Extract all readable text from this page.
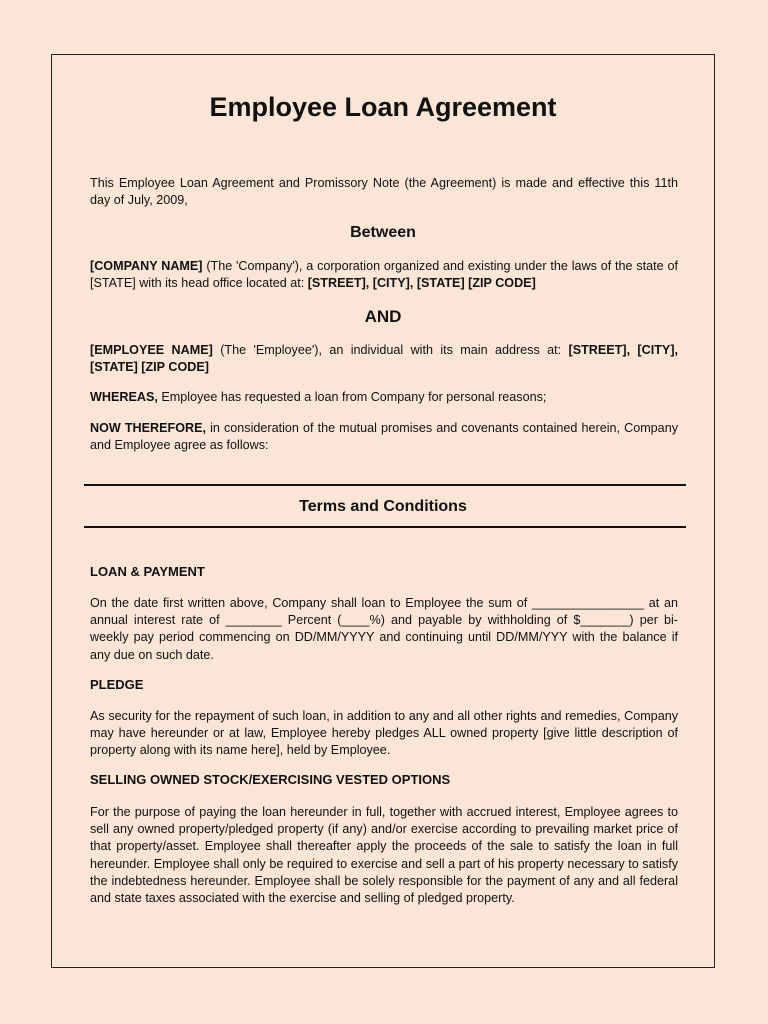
Employee Loan Agreement

This Employee Loan Agreement and Promissory Note (the Agreement) is made and effective this 11th day of July, 2009,

Between

[COMPANY NAME] (The 'Company'), a corporation organized and existing under the laws of the state of [STATE] with its head office located at: [STREET], [CITY], [STATE] [ZIP CODE]

AND

[EMPLOYEE NAME] (The 'Employee'), an individual with its main address at: [STREET], [CITY], [STATE] [ZIP CODE]

WHEREAS, Employee has requested a loan from Company for personal reasons;

NOW THEREFORE, in consideration of the mutual promises and covenants contained herein, Company and Employee agree as follows:

Terms and Conditions
LOAN & PAYMENT

On the date first written above, Company shall loan to Employee the sum of ________________ at an annual interest rate of ________ Percent (____%) and payable by withholding of $_______) per bi-weekly pay period commencing on DD/MM/YYYY and continuing until DD/MM/YYY with the balance if any due on such date.

PLEDGE

As security for the repayment of such loan, in addition to any and all other rights and remedies, Company may have hereunder or at law, Employee hereby pledges ALL owned property [give little description of property along with its name here], held by Employee.

SELLING OWNED STOCK/EXERCISING VESTED OPTIONS

For the purpose of paying the loan hereunder in full, together with accrued interest, Employee agrees to sell any owned property/pledged property (if any) and/or exercise according to prevailing market price of that property/asset. Employee shall thereafter apply the proceeds of the sale to satisfy the loan in full hereunder. Employee shall only be required to exercise and sell a part of his property necessary to satisfy the indebtedness hereunder. Employee shall be solely responsible for the payment of any and all federal and state taxes associated with the exercise and selling of pledged property.
